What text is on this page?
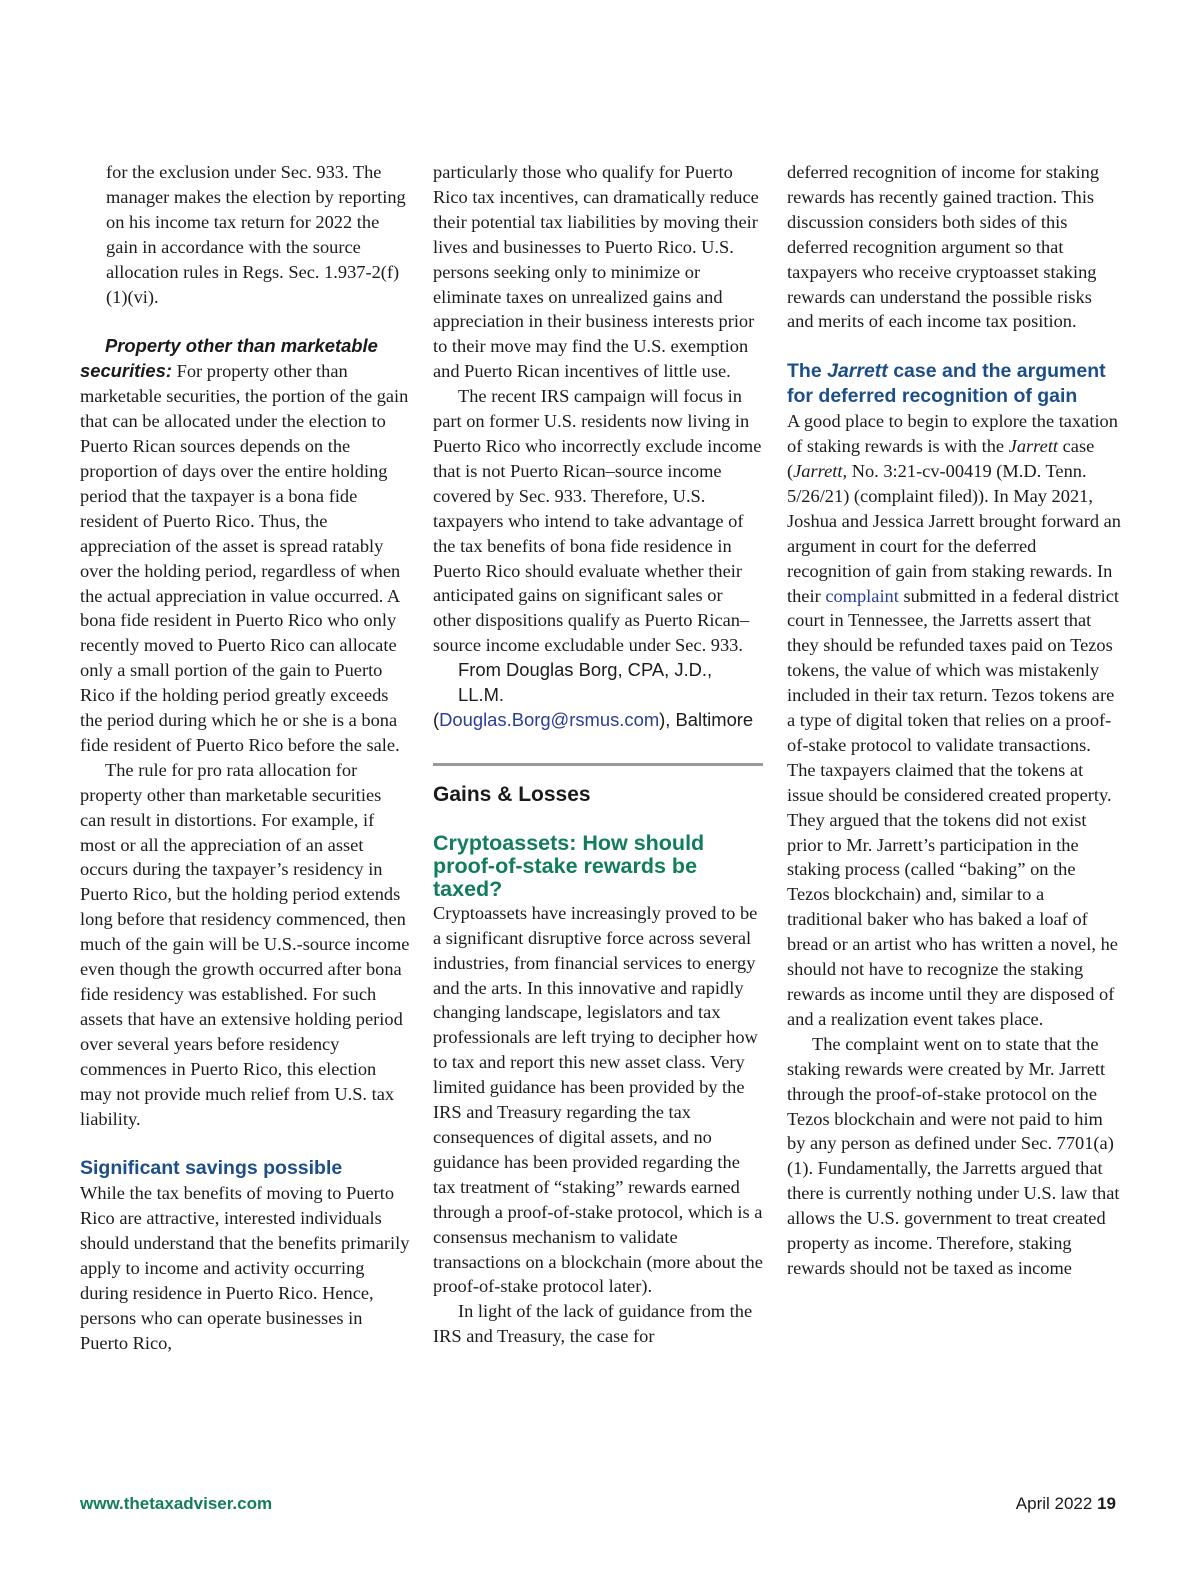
for the exclusion under Sec. 933. The manager makes the election by reporting on his income tax return for 2022 the gain in accordance with the source allocation rules in Regs. Sec. 1.937-2(f)(1)(vi).

Property other than marketable securities: For property other than marketable securities, the portion of the gain that can be allocated under the election to Puerto Rican sources depends on the proportion of days over the entire holding period that the taxpayer is a bona fide resident of Puerto Rico. Thus, the appreciation of the asset is spread ratably over the holding period, regardless of when the actual appreciation in value occurred. A bona fide resident in Puerto Rico who only recently moved to Puerto Rico can allocate only a small portion of the gain to Puerto Rico if the holding period greatly exceeds the period during which he or she is a bona fide resident of Puerto Rico before the sale.

The rule for pro rata allocation for property other than marketable securities can result in distortions. For example, if most or all the appreciation of an asset occurs during the taxpayer’s residency in Puerto Rico, but the holding period extends long before that residency commenced, then much of the gain will be U.S.-source income even though the growth occurred after bona fide residency was established. For such assets that have an extensive holding period over several years before residency commences in Puerto Rico, this election may not provide much relief from U.S. tax liability.

Significant savings possible

While the tax benefits of moving to Puerto Rico are attractive, interested individuals should understand that the benefits primarily apply to income and activity occurring during residence in Puerto Rico. Hence, persons who can operate businesses in Puerto Rico,

particularly those who qualify for Puerto Rico tax incentives, can dramatically reduce their potential tax liabilities by moving their lives and businesses to Puerto Rico. U.S. persons seeking only to minimize or eliminate taxes on unrealized gains and appreciation in their business interests prior to their move may find the U.S. exemption and Puerto Rican incentives of little use.

The recent IRS campaign will focus in part on former U.S. residents now living in Puerto Rico who incorrectly exclude income that is not Puerto Rican–source income covered by Sec. 933. Therefore, U.S. taxpayers who intend to take advantage of the tax benefits of bona fide residence in Puerto Rico should evaluate whether their anticipated gains on significant sales or other dispositions qualify as Puerto Rican–source income excludable under Sec. 933.

From Douglas Borg, CPA, J.D., LL.M.

(Douglas.Borg@rsmus.com), Baltimore

Gains & Losses
Cryptoassets: How should proof-of-stake rewards be taxed?

Cryptoassets have increasingly proved to be a significant disruptive force across several industries, from financial services to energy and the arts. In this innovative and rapidly changing landscape, legislators and tax professionals are left trying to decipher how to tax and report this new asset class. Very limited guidance has been provided by the IRS and Treasury regarding the tax consequences of digital assets, and no guidance has been provided regarding the tax treatment of “staking” rewards earned through a proof-of-stake protocol, which is a consensus mechanism to validate transactions on a blockchain (more about the proof-of-stake protocol later).

In light of the lack of guidance from the IRS and Treasury, the case for

deferred recognition of income for staking rewards has recently gained traction. This discussion considers both sides of this deferred recognition argument so that taxpayers who receive cryptoasset staking rewards can understand the possible risks and merits of each income tax position.

The Jarrett case and the argument for deferred recognition of gain

A good place to begin to explore the taxation of staking rewards is with the Jarrett case (Jarrett, No. 3:21-cv-00419 (M.D. Tenn. 5/26/21) (complaint filed)). In May 2021, Joshua and Jessica Jarrett brought forward an argument in court for the deferred recognition of gain from staking rewards. In their complaint submitted in a federal district court in Tennessee, the Jarretts assert that they should be refunded taxes paid on Tezos tokens, the value of which was mistakenly included in their tax return. Tezos tokens are a type of digital token that relies on a proof-of-stake protocol to validate transactions. The taxpayers claimed that the tokens at issue should be considered created property. They argued that the tokens did not exist prior to Mr. Jarrett’s participation in the staking process (called “baking” on the Tezos blockchain) and, similar to a traditional baker who has baked a loaf of bread or an artist who has written a novel, he should not have to recognize the staking rewards as income until they are disposed of and a realization event takes place.

The complaint went on to state that the staking rewards were created by Mr. Jarrett through the proof-of-stake protocol on the Tezos blockchain and were not paid to him by any person as defined under Sec. 7701(a)(1). Fundamentally, the Jarretts argued that there is currently nothing under U.S. law that allows the U.S. government to treat created property as income. Therefore, staking rewards should not be taxed as income

www.thetaxadviser.com	April 2022 19
